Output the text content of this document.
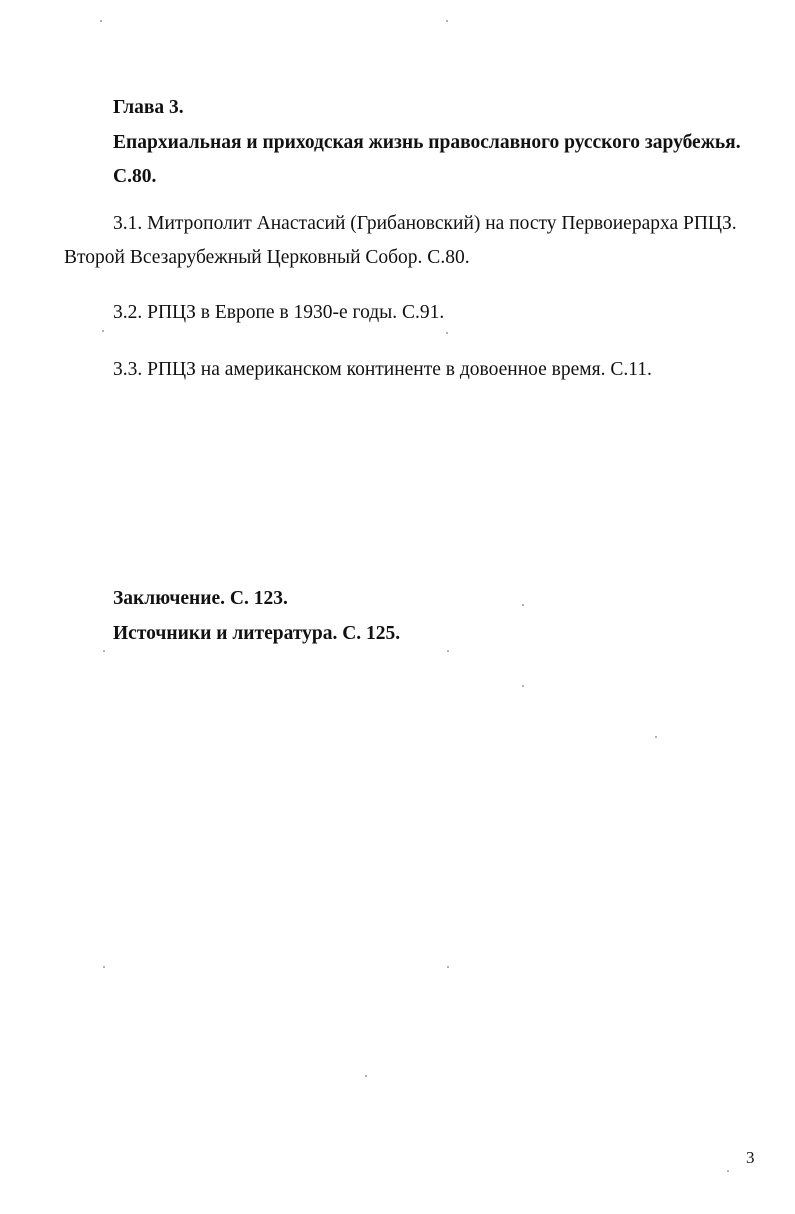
Глава 3.
Епархиальная и приходская жизнь православного русского зарубежья.
С.80.
3.1. Митрополит Анастасий (Грибановский) на посту Первоиерарха РПЦЗ.
Второй Всезарубежный Церковный Собор. С.80.
3.2. РПЦЗ в Европе в 1930-е годы. С.91.
3.3. РПЦЗ на американском континенте в довоенное время. С.11.
Заключение. С. 123.
Источники и литература. С. 125.
3
